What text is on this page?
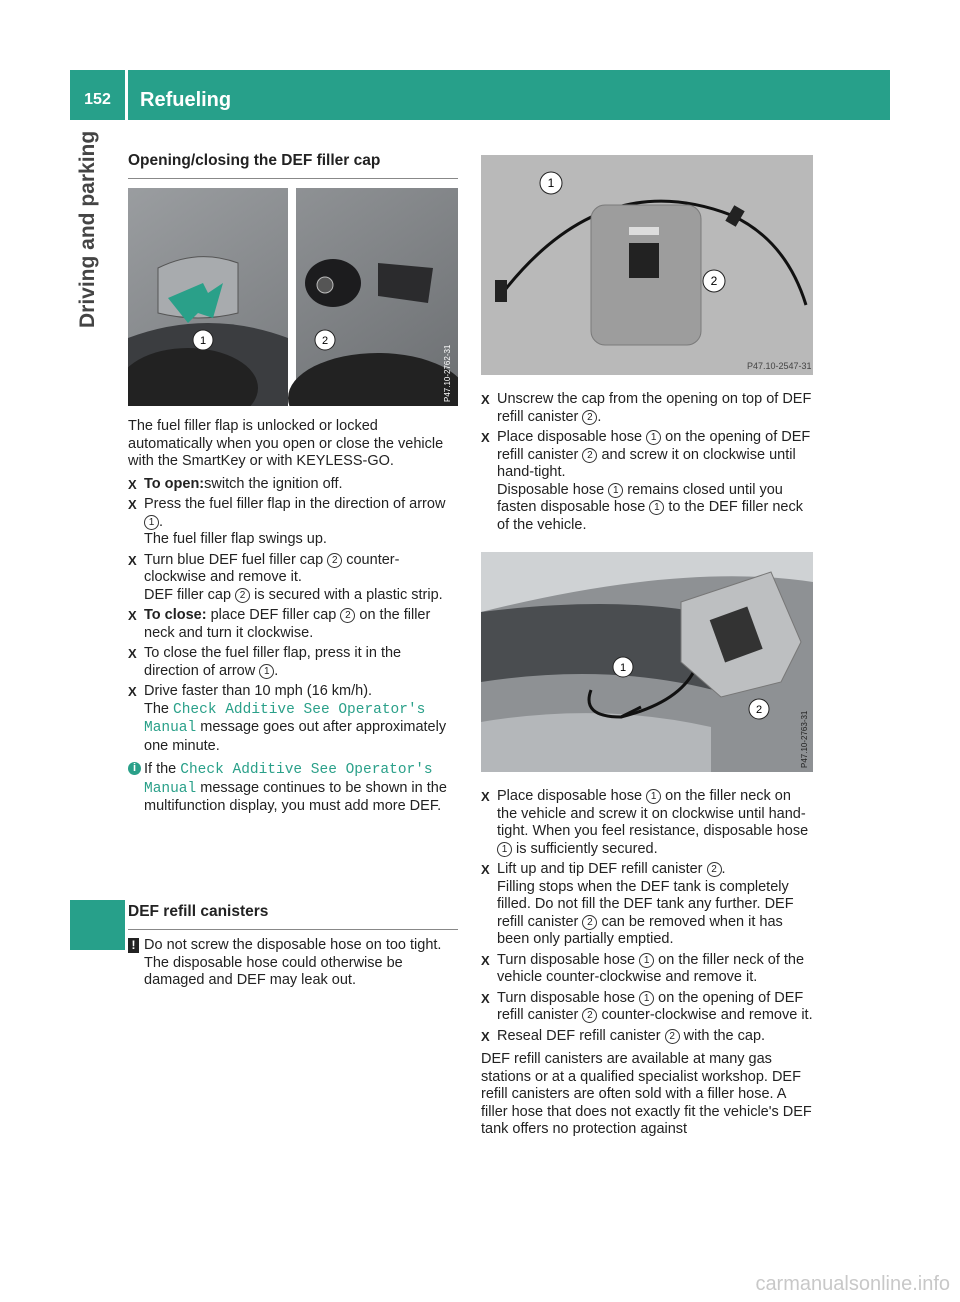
152	Refueling
Driving and parking Opening/closing the DEF filler cap
1	2
P47.10-2762-31

The fuel filler flap is unlocked or locked automatically when you open or close the vehicle with the SmartKey or with KEYLESS-GO.

X To open:switch the ignition off.
X Press the fuel filler flap in the direction of arrow 1 .
The fuel filler flap swings up.
X Turn blue DEF fuel filler cap 2 counter-clockwise and remove it.
DEF filler cap 2 is secured with a plastic strip.
X To close: place DEF filler cap 2 on the filler neck and turn it clockwise.
X To close the fuel filler flap, press it in the direction of arrow 1 .
X Drive faster than 10 mph (16 km/h).
The Check Additive See Operator's Manual message goes out after approximately one minute.
i If the Check Additive See Operator's Manual message continues to be shown in the multifunction display, you must add more DEF.
DEF refill canisters
! Do not screw the disposable hose on too tight. The disposable hose could otherwise be damaged and DEF may leak out.
1
2
P47.10-2547-31
X Unscrew the cap from the opening on top of DEF refill canister 2 .
X Place disposable hose 1 on the opening of DEF refill canister 2 and screw it on clockwise until hand-tight.
Disposable hose 1 remains closed until you fasten disposable hose 1 to the DEF filler neck of the vehicle.
1
2
P47.10-2763-31
X Place disposable hose 1 on the filler neck on the vehicle and screw it on clockwise until hand-tight. When you feel resistance, disposable hose 1 is sufficiently secured.
X Lift up and tip DEF refill canister 2 .
Filling stops when the DEF tank is completely filled. Do not fill the DEF tank any further. DEF refill canister 2 can be removed when it has been only partially emptied.
X Turn disposable hose 1 on the filler neck of the vehicle counter-clockwise and remove it.
X Turn disposable hose 1 on the opening of DEF refill canister 2 counter-clockwise and remove it.
X Reseal DEF refill canister 2 with the cap.

DEF refill canisters are available at many gas stations or at a qualified specialist workshop. DEF refill canisters are often sold with a filler hose. A filler hose that does not exactly fit the vehicle's DEF tank offers no protection against

carmanualsonline.info
